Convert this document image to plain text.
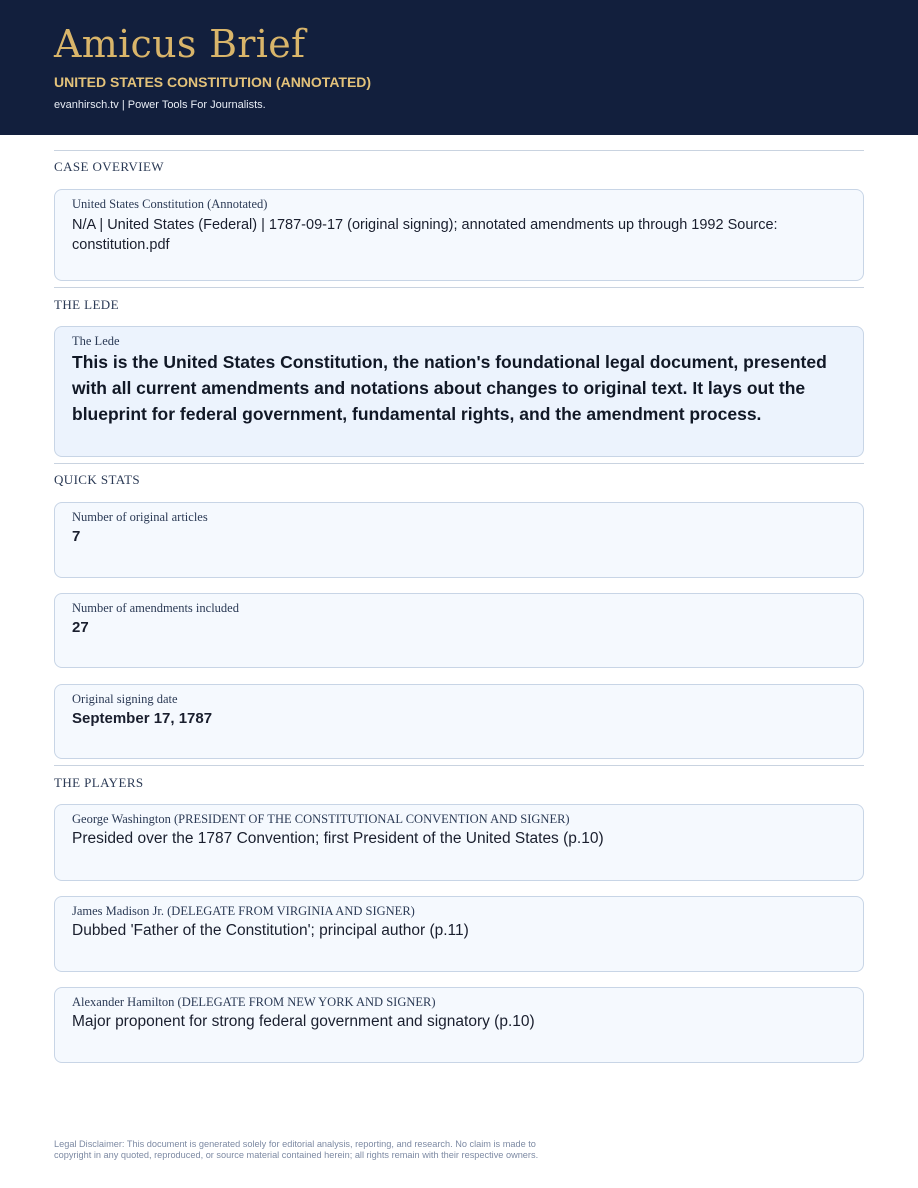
Amicus Brief
UNITED STATES CONSTITUTION (ANNOTATED)
evanhirsch.tv | Power Tools For Journalists.
CASE OVERVIEW
United States Constitution (Annotated)
N/A | United States (Federal) | 1787-09-17 (original signing); annotated amendments up through 1992 Source: constitution.pdf
THE LEDE
The Lede
This is the United States Constitution, the nation's foundational legal document, presented with all current amendments and notations about changes to original text. It lays out the blueprint for federal government, fundamental rights, and the amendment process.
QUICK STATS
Number of original articles
7
Number of amendments included
27
Original signing date
September 17, 1787
THE PLAYERS
George Washington (PRESIDENT OF THE CONSTITUTIONAL CONVENTION AND SIGNER)
Presided over the 1787 Convention; first President of the United States (p.10)
James Madison Jr. (DELEGATE FROM VIRGINIA AND SIGNER)
Dubbed 'Father of the Constitution'; principal author (p.11)
Alexander Hamilton (DELEGATE FROM NEW YORK AND SIGNER)
Major proponent for strong federal government and signatory (p.10)
Legal Disclaimer: This document is generated solely for editorial analysis, reporting, and research. No claim is made to copyright in any quoted, reproduced, or source material contained herein; all rights remain with their respective owners.
